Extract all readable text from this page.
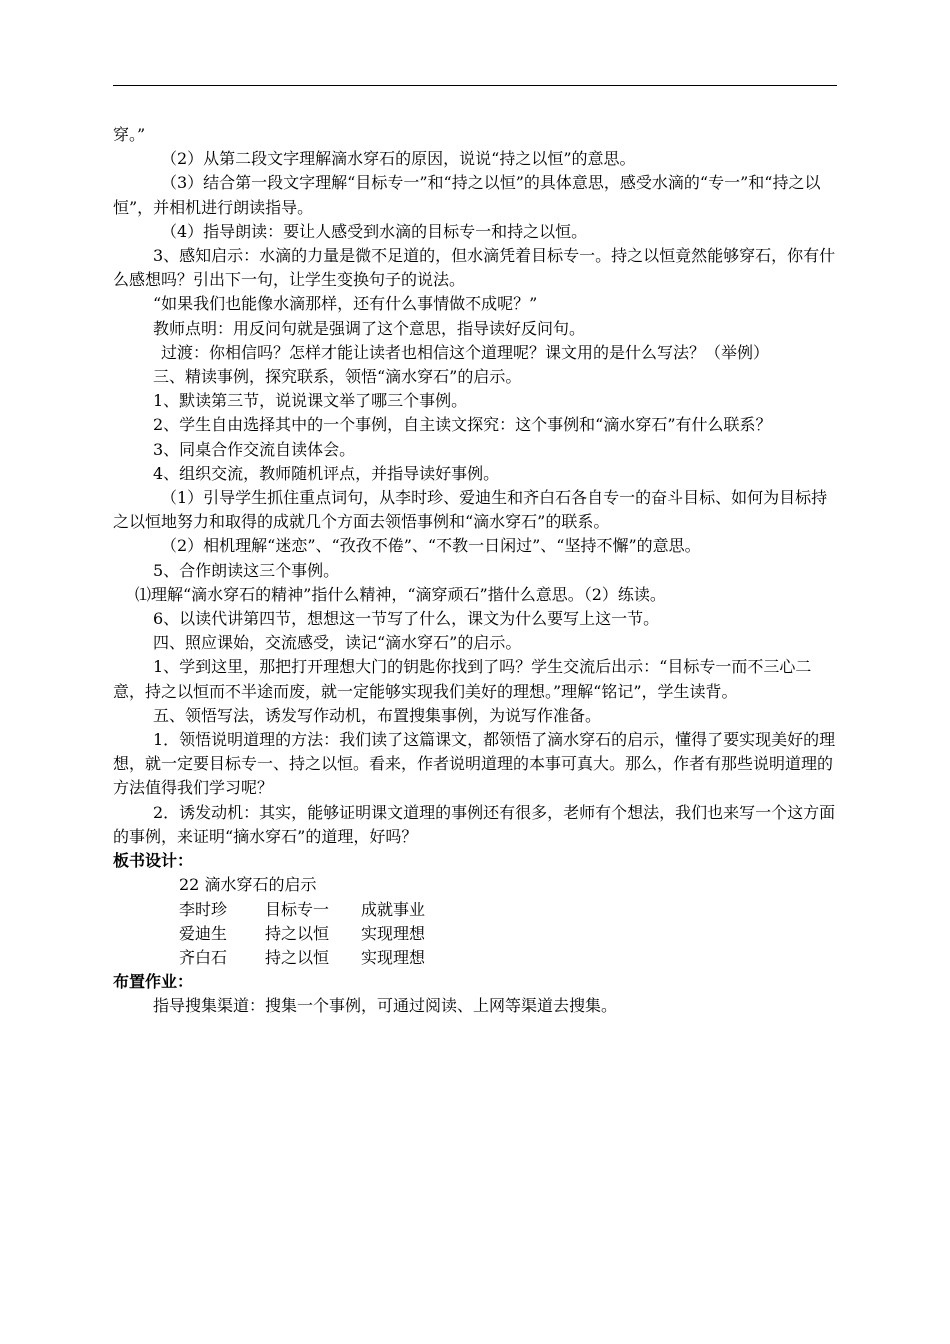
穿。”

（2）从第二段文字理解滴水穿石的原因，说说“持之以恒”的意思。

（3）结合第一段文字理解“目标专一”和“持之以恒”的具体意思，感受水滴的“专一”和“持之以恒”，并相机进行朗读指导。

（4）指导朗读：要让人感受到水滴的目标专一和持之以恒。

3、感知启示：水滴的力量是微不足道的，但水滴凭着目标专一。持之以恒竟然能够穿石，你有什么感想吗？引出下一句，让学生变换句子的说法。

“如果我们也能像水滴那样，还有什么事情做不成呢？”

教师点明：用反问句就是强调了这个意思，指导读好反问句。

过渡：你相信吗？怎样才能让读者也相信这个道理呢？课文用的是什么写法？（举例）

三、精读事例，探究联系，领悟“滴水穿石”的启示。

1、默读第三节，说说课文举了哪三个事例。

2、学生自由选择其中的一个事例，自主读文探究：这个事例和“滴水穿石”有什么联系？

3、同桌合作交流自读体会。

4、组织交流，教师随机评点，并指导读好事例。

（1）引导学生抓住重点词句，从李时珍、爱迪生和齐白石各自专一的奋斗目标、如何为目标持之以恒地努力和取得的成就几个方面去领悟事例和“滴水穿石”的联系。

（2）相机理解“迷恋”、“孜孜不倦”、“不教一日闲过”、“坚持不懈”的意思。

5、合作朗读这三个事例。

⑴理解“滴水穿石的精神”指什么精神，“滴穿顽石”揩什么意思。（2）练读。

6、以读代讲第四节，想想这一节写了什么，课文为什么要写上这一节。

四、照应课始，交流感受，读记“滴水穿石”的启示。

1、学到这里，那把打开理想大门的钥匙你找到了吗？学生交流后出示：“目标专一而不三心二意，持之以恒而不半途而废，就一定能够实现我们美好的理想。”理解“铭记”，学生读背。

五、领悟写法，诱发写作动机，布置搜集事例，为说写作准备。

1．领悟说明道理的方法：我们读了这篇课文，都领悟了滴水穿石的启示，懂得了要实现美好的理想，就一定要目标专一、持之以恒。看来，作者说明道理的本事可真大。那么，作者有那些说明道理的方法值得我们学习呢？

2．诱发动机：其实，能够证明课文道理的事例还有很多，老师有个想法，我们也来写一个这方面的事例，来证明“摘水穿石”的道理，好吗？

板书设计：

22 滴水穿石的启示
李时珍	目标专一	成就事业
爱迪生	持之以恒	实现理想
齐白石	持之以恒	实现理想

布置作业：

指导搜集渠道：搜集一个事例，可通过阅读、上网等渠道去搜集。
